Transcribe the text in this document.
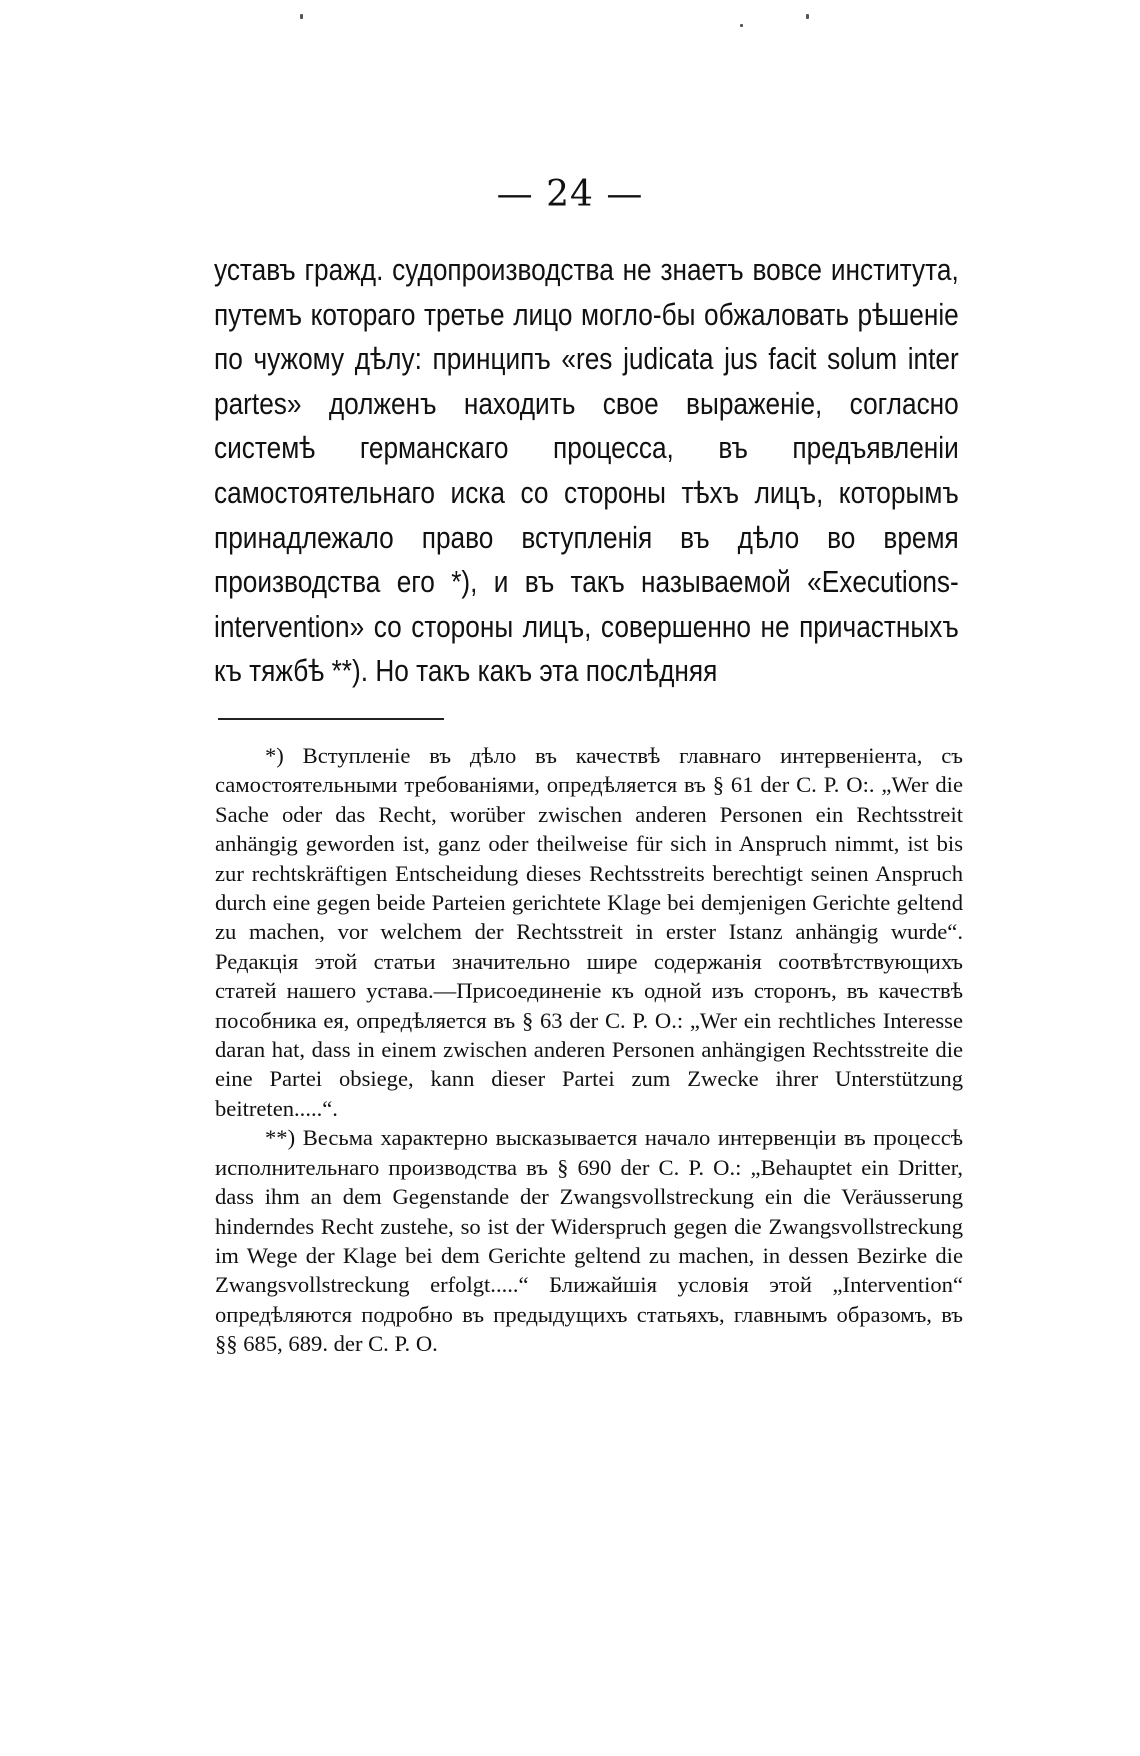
— 24 —
уставъ гражд. судопроизводства не знаетъ вовсе института, путемъ котораго третье лицо могло-бы обжаловать рѣшеніе по чужому дѣлу: принципъ «res judicata jus facit solum inter partes» долженъ находить свое выраженіе, согласно системѣ германскаго процесса, въ предъявленіи самостоятельнаго иска со стороны тѣхъ лицъ, которымъ принадлежало право вступленія въ дѣло во время производства его *), и въ такъ называемой «Executions-intervention» со стороны лицъ, совершенно не причастныхъ къ тяжбѣ **). Но такъ какъ эта послѣдняя

*) Вступленіе въ дѣло въ качествѣ главнаго интервеніента, съ самостоятельными требованіями, опредѣляется въ § 61 der C. P. O:. „Wer die Sache oder das Recht, worüber zwischen anderen Personen ein Rechtsstreit anhängig geworden ist, ganz oder theilweise für sich in Anspruch nimmt, ist bis zur rechtskräftigen Entscheidung dieses Rechtsstreits berechtigt seinen Anspruch durch eine gegen beide Parteien gerichtete Klage bei demjenigen Gerichte geltend zu machen, vor welchem der Rechtsstreit in erster Istanz anhängig wurde“. Редакція этой статьи значительно шире содержанія соотвѣтствующихъ статей нашего устава.—Присоединеніе къ одной изъ сторонъ, въ качествѣ пособника ея, опредѣляется въ § 63 der C. P. O.: „Wer ein rechtliches Interesse daran hat, dass in einem zwischen anderen Personen anhängigen Rechtsstreite die eine Partei obsiege, kann dieser Partei zum Zwecke ihrer Unterstützung beitreten.....“.

**) Весьма характерно высказывается начало интервенціи въ процессѣ исполнительнаго производства въ § 690 der C. P. O.: „Behauptet ein Dritter, dass ihm an dem Gegenstande der Zwangsvollstreckung ein die Veräusserung hinderndes Recht zustehe, so ist der Widerspruch gegen die Zwangsvollstreckung im Wege der Klage bei dem Gerichte geltend zu machen, in dessen Bezirke die Zwangsvollstreckung erfolgt.....“ Ближайшія условія этой „Intervention“ опредѣляются подробно въ предыдущихъ статьяхъ, главнымъ образомъ, въ §§ 685, 689. der C. P. O.
